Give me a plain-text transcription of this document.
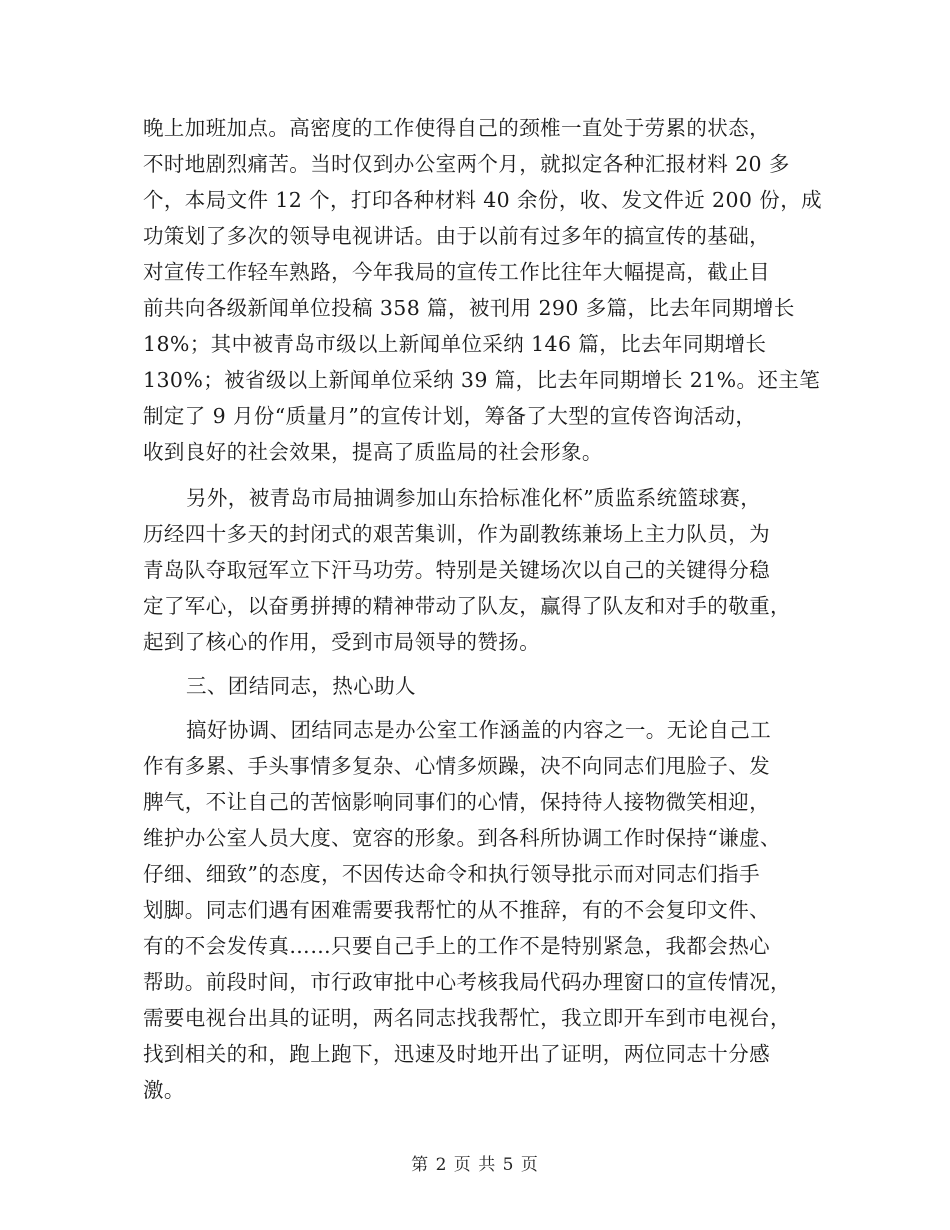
晚上加班加点。高密度的工作使得自己的颈椎一直处于劳累的状态，
不时地剧烈痛苦。当时仅到办公室两个月，就拟定各种汇报材料 20 多
个，本局文件 12 个，打印各种材料 40 余份，收、发文件近 200 份，成
功策划了多次的领导电视讲话。由于以前有过多年的搞宣传的基础，
对宣传工作轻车熟路，今年我局的宣传工作比往年大幅提高，截止目
前共向各级新闻单位投稿 358 篇，被刊用 290 多篇，比去年同期增长
18%；其中被青岛市级以上新闻单位采纳 146 篇，比去年同期增长
130%；被省级以上新闻单位采纳 39 篇，比去年同期增长 21%。还主笔
制定了 9 月份“质量月”的宣传计划，筹备了大型的宣传咨询活动，
收到良好的社会效果，提高了质监局的社会形象。
另外，被青岛市局抽调参加山东拾标准化杯”质监系统篮球赛，
历经四十多天的封闭式的艰苦集训，作为副教练兼场上主力队员，为
青岛队夺取冠军立下汗马功劳。特别是关键场次以自己的关键得分稳
定了军心，以奋勇拼搏的精神带动了队友，赢得了队友和对手的敬重，
起到了核心的作用，受到市局领导的赞扬。
三、团结同志，热心助人
搞好协调、团结同志是办公室工作涵盖的内容之一。无论自己工
作有多累、手头事情多复杂、心情多烦躁，决不向同志们甩脸子、发
脾气，不让自己的苦恼影响同事们的心情，保持待人接物微笑相迎，
维护办公室人员大度、宽容的形象。到各科所协调工作时保持“谦虚、
仔细、细致”的态度，不因传达命令和执行领导批示而对同志们指手
划脚。同志们遇有困难需要我帮忙的从不推辞，有的不会复印文件、
有的不会发传真……只要自己手上的工作不是特别紧急，我都会热心
帮助。前段时间，市行政审批中心考核我局代码办理窗口的宣传情况，
需要电视台出具的证明，两名同志找我帮忙，我立即开车到市电视台，
找到相关的和，跑上跑下，迅速及时地开出了证明，两位同志十分感
激。
第 2 页 共 5 页
